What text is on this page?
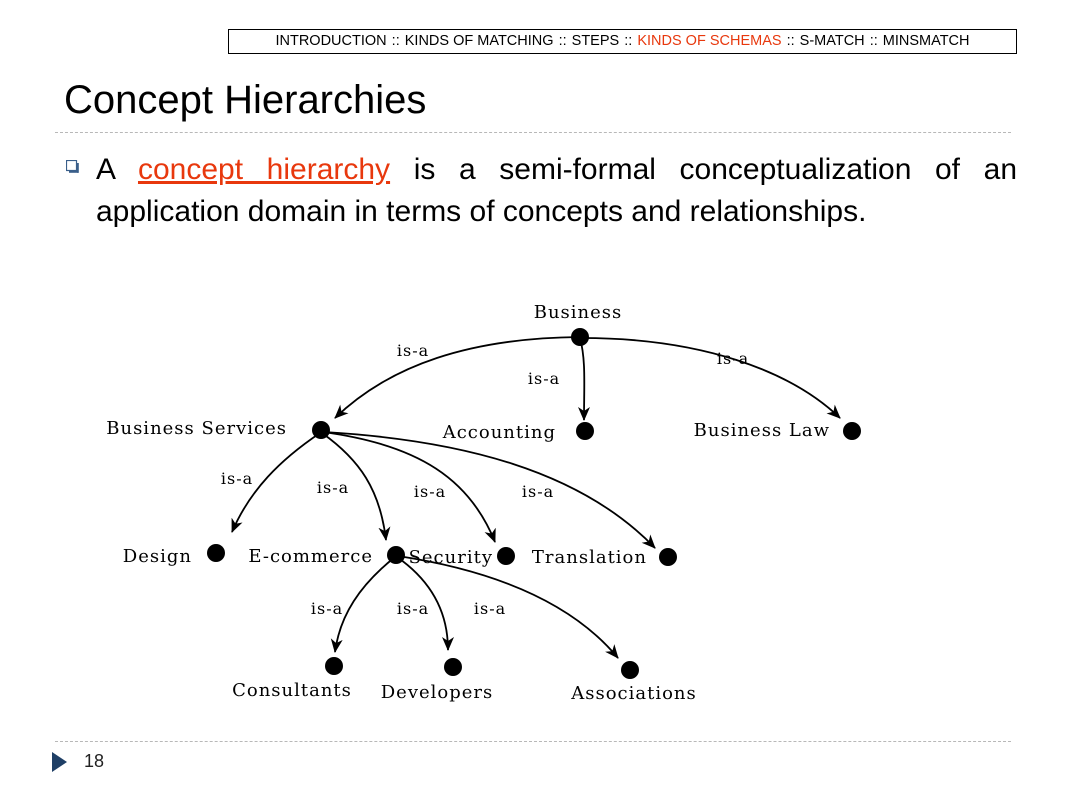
INTRODUCTION :: KINDS OF MATCHING :: STEPS :: KINDS OF SCHEMAS :: S-MATCH :: MINSMATCH
Concept Hierarchies
A concept hierarchy is a semi-formal conceptualization of an application domain in terms of concepts and relationships.
Business
Business Services	Accounting	Business Law
Design	E-commerce Security Translation
Consultants Developers	Associations
is-a
is-a
is-a
is-a	is-a	is-a	is-a
is-a	is-a	is-a
18
